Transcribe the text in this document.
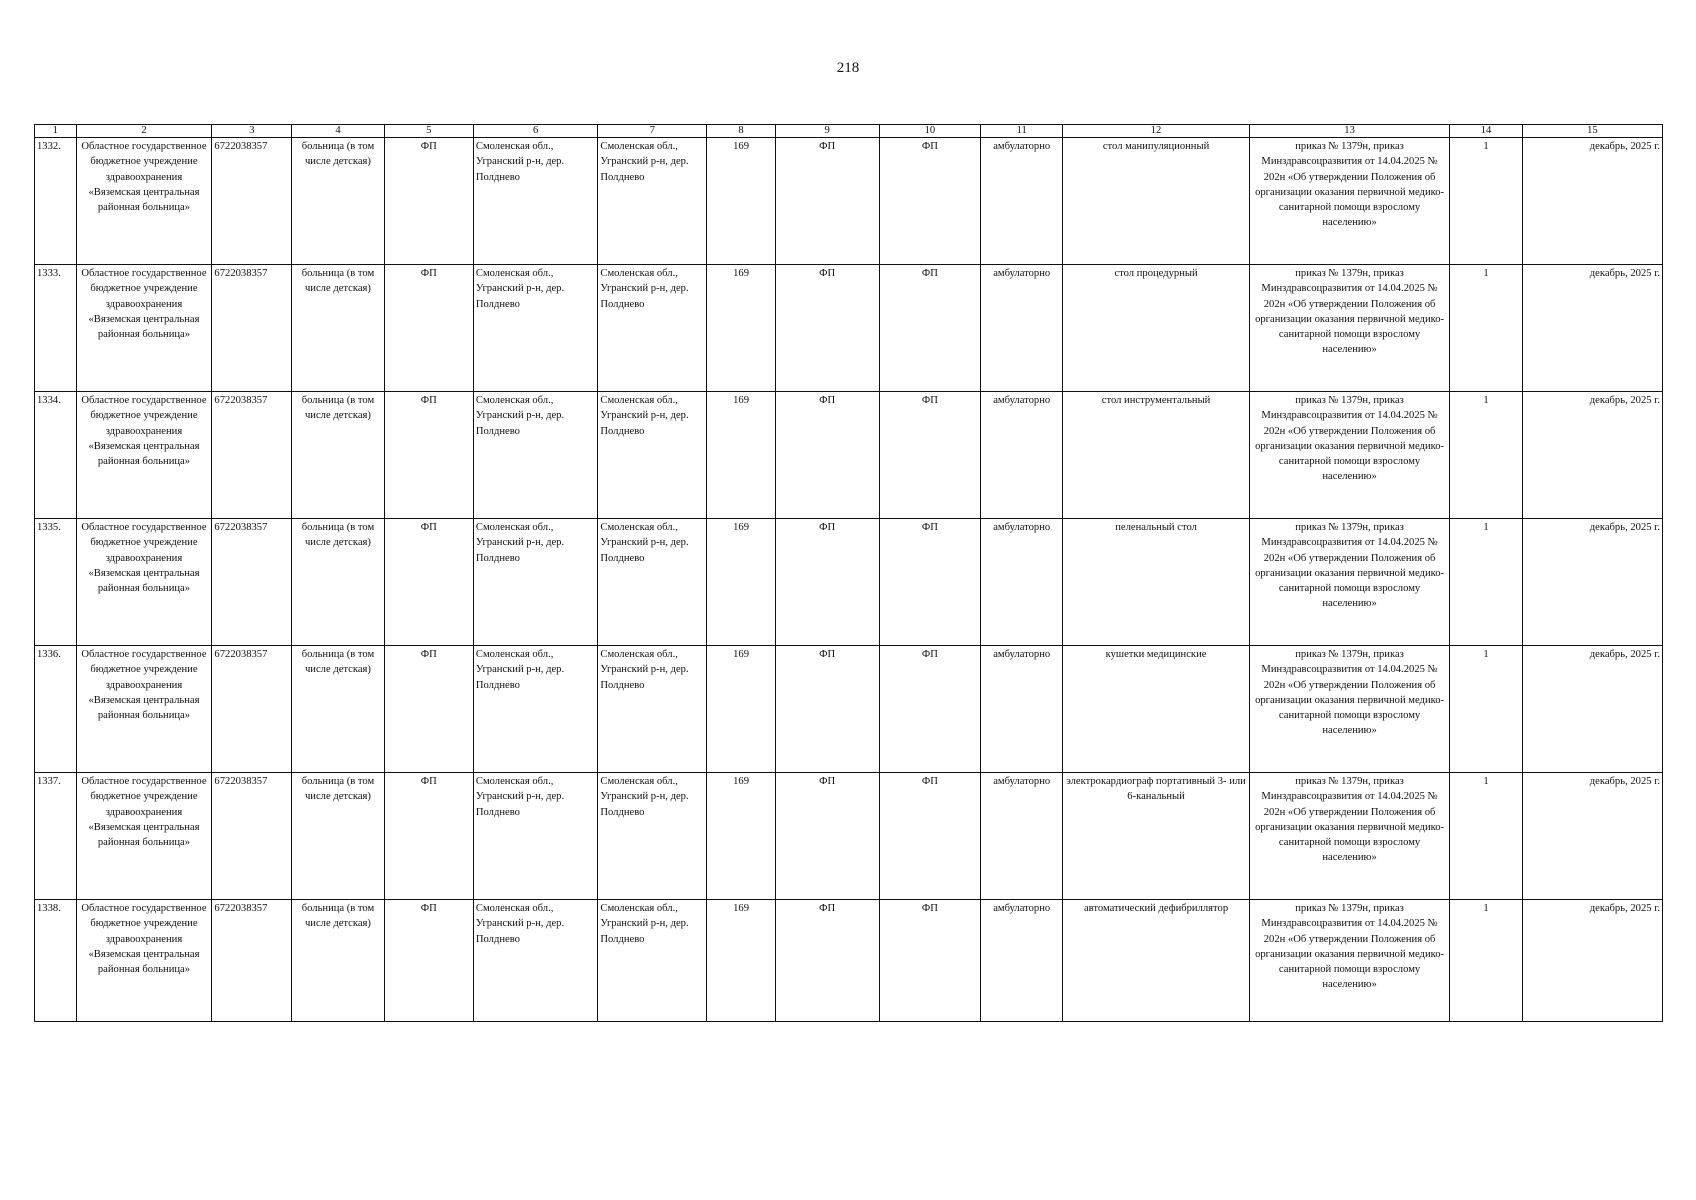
218
1	2	3	4	5	6	7	8	9	10	11	12	13	14	15
1332.	Областное государственное бюджетное учреждение здравоохранения «Вяземская центральная районная больница»	6722038357	больница (в том числе детская)	ФП	Смоленская обл., Угранский р-н, дер. Полднево	Смоленская обл., Угранский р-н, дер. Полднево	169	ФП	ФП	амбулаторно	стол манипуляционный	приказ № 1379н, приказ Минздравсоцразвития от 14.04.2025 № 202н «Об утверждении Положения об организации оказания первичной медико-санитарной помощи взрослому населению»	1	декабрь, 2025 г.
1333.	Областное государственное бюджетное учреждение здравоохранения «Вяземская центральная районная больница»	6722038357	больница (в том числе детская)	ФП	Смоленская обл., Угранский р-н, дер. Полднево	Смоленская обл., Угранский р-н, дер. Полднево	169	ФП	ФП	амбулаторно	стол процедурный	приказ № 1379н, приказ Минздравсоцразвития от 14.04.2025 № 202н «Об утверждении Положения об организации оказания первичной медико-санитарной помощи взрослому населению»	1	декабрь, 2025 г.
1334.	Областное государственное бюджетное учреждение здравоохранения «Вяземская центральная районная больница»	6722038357	больница (в том числе детская)	ФП	Смоленская обл., Угранский р-н, дер. Полднево	Смоленская обл., Угранский р-н, дер. Полднево	169	ФП	ФП	амбулаторно	стол инструментальный	приказ № 1379н, приказ Минздравсоцразвития от 14.04.2025 № 202н «Об утверждении Положения об организации оказания первичной медико-санитарной помощи взрослому населению»	1	декабрь, 2025 г.
1335.	Областное государственное бюджетное учреждение здравоохранения «Вяземская центральная районная больница»	6722038357	больница (в том числе детская)	ФП	Смоленская обл., Угранский р-н, дер. Полднево	Смоленская обл., Угранский р-н, дер. Полднево	169	ФП	ФП	амбулаторно	пеленальный стол	приказ № 1379н, приказ Минздравсоцразвития от 14.04.2025 № 202н «Об утверждении Положения об организации оказания первичной медико-санитарной помощи взрослому населению»	1	декабрь, 2025 г.
1336.	Областное государственное бюджетное учреждение здравоохранения «Вяземская центральная районная больница»	6722038357	больница (в том числе детская)	ФП	Смоленская обл., Угранский р-н, дер. Полднево	Смоленская обл., Угранский р-н, дер. Полднево	169	ФП	ФП	амбулаторно	кушетки медицинские	приказ № 1379н, приказ Минздравсоцразвития от 14.04.2025 № 202н «Об утверждении Положения об организации оказания первичной медико-санитарной помощи взрослому населению»	1	декабрь, 2025 г.
1337.	Областное государственное бюджетное учреждение здравоохранения «Вяземская центральная районная больница»	6722038357	больница (в том числе детская)	ФП	Смоленская обл., Угранский р-н, дер. Полднево	Смоленская обл., Угранский р-н, дер. Полднево	169	ФП	ФП	амбулаторно	электрокардиограф портативный 3- или 6-канальный	приказ № 1379н, приказ Минздравсоцразвития от 14.04.2025 № 202н «Об утверждении Положения об организации оказания первичной медико-санитарной помощи взрослому населению»	1	декабрь, 2025 г.
1338.	Областное государственное бюджетное учреждение здравоохранения «Вяземская центральная районная больница»	6722038357	больница (в том числе детская)	ФП	Смоленская обл., Угранский р-н, дер. Полднево	Смоленская обл., Угранский р-н, дер. Полднево	169	ФП	ФП	амбулаторно	автоматический дефибриллятор	приказ № 1379н, приказ Минздравсоцразвития от 14.04.2025 № 202н «Об утверждении Положения об организации оказания первичной медико-санитарной помощи взрослому населению»	1	декабрь, 2025 г.
